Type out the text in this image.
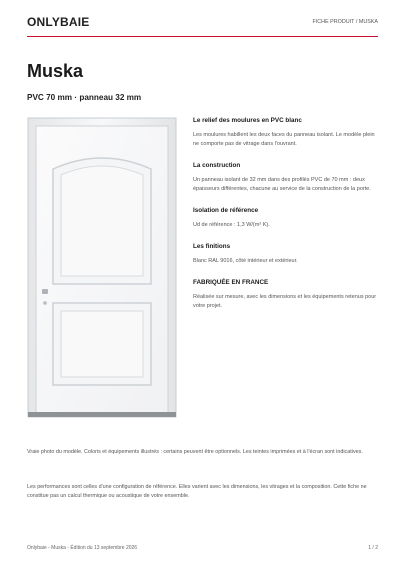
ONLYBAIE	FICHE PRODUIT / MUSKA
Muska
PVC 70 mm · panneau 32 mm
Le relief des moulures en PVC blanc

Les moulures habillent les deux faces du panneau isolant. Le modèle plein ne comporte pas de vitrage dans l'ouvrant.

La construction

Un panneau isolant de 32 mm dans des profilés PVC de 70 mm : deux épaisseurs différentes, chacune au service de la construction de la porte.

Isolation de référence

Ud de référence : 1,3 W/(m² K).

Les finitions

Blanc RAL 9016, côté intérieur et extérieur.

FABRIQUÉE EN FRANCE

Réalisée sur mesure, avec les dimensions et les équipements retenus pour votre projet.

Vraie photo du modèle. Coloris et équipements illustrés : certains peuvent être optionnels. Les teintes imprimées et à l'écran sont indicatives.
Les performances sont celles d'une configuration de référence. Elles varient avec les dimensions, les vitrages et la composition. Cette fiche ne constitue pas un calcul thermique ou acoustique de votre ensemble.
Onlybaie - Muska - Édition du 13 septembre 2026	1 / 2
